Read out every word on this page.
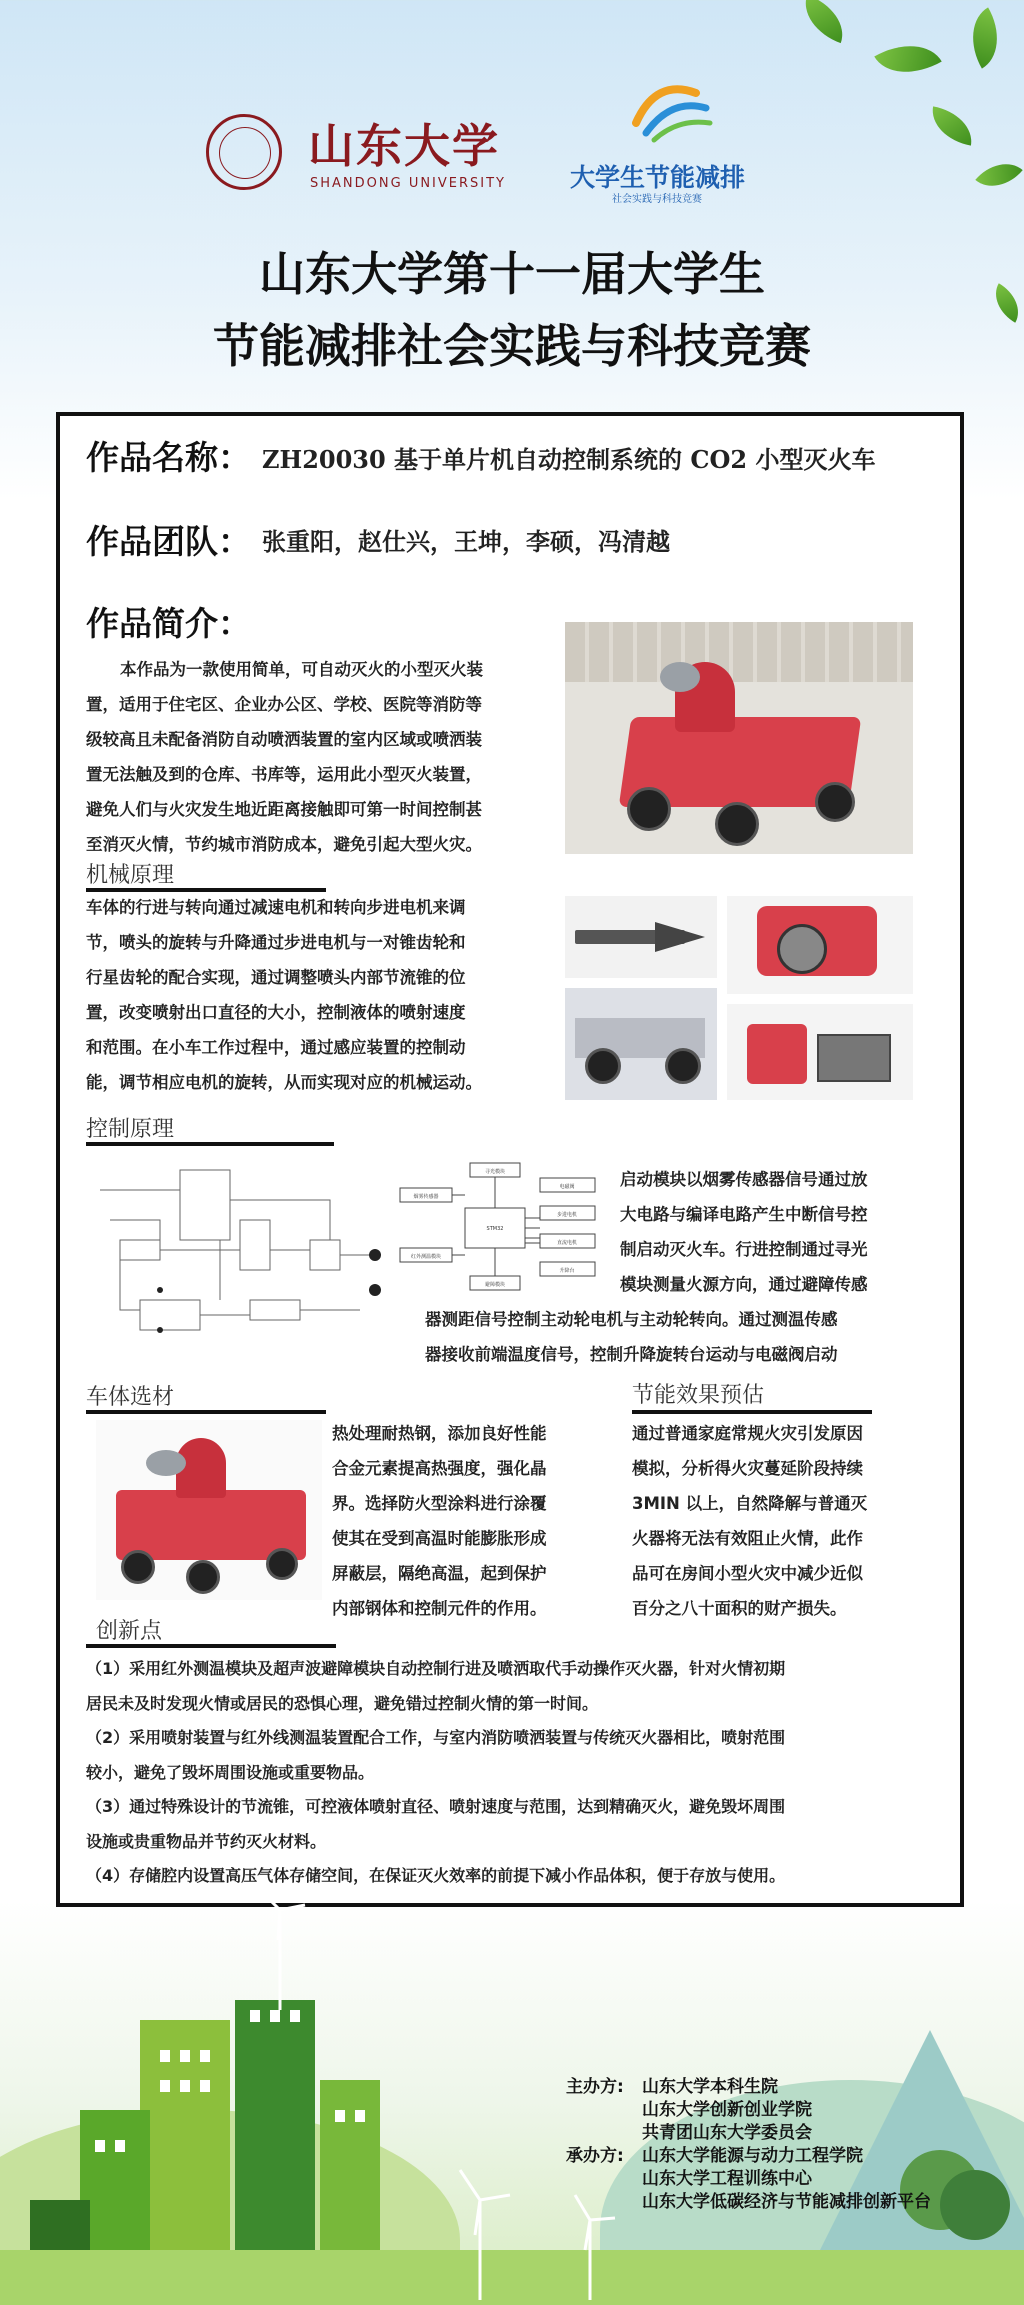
山东大学
SHANDONG UNIVERSITY	大学生节能减排
社会实践与科技竞赛
山东大学第十一届大学生
节能减排社会实践与科技竞赛
作品名称： ZH20030 基于单片机自动控制系统的 CO2 小型灭火车
作品团队： 张重阳，赵仕兴，王坤，李硕，冯清越
作品简介：
本作品为一款使用简单，可自动灭火的小型灭火装
置，适用于住宅区、企业办公区、学校、医院等消防等
级较高且未配备消防自动喷洒装置的室内区域或喷洒装
置无法触及到的仓库、书库等，运用此小型灭火装置，
避免人们与火灾发生地近距离接触即可第一时间控制甚
至消灭火情，节约城市消防成本，避免引起大型火灾。
机械原理
车体的行进与转向通过减速电机和转向步进电机来调
节，喷头的旋转与升降通过步进电机与一对锥齿轮和
行星齿轮的配合实现，通过调整喷头内部节流锥的位
置，改变喷射出口直径的大小，控制液体的喷射速度
和范围。在小车工作过程中，通过感应装置的控制动
能，调节相应电机的旋转，从而实现对应的机械运动。
控制原理
STM32
烟雾传感器
红外测温模块
寻光模块
避障模块
电磁阀
步进电机
直流电机
升降台
启动模块以烟雾传感器信号通过放
大电路与编译电路产生中断信号控
制启动灭火车。行进控制通过寻光
模块测量火源方向，通过避障传感
器测距信号控制主动轮电机与主动轮转向。通过测温传感
器接收前端温度信号，控制升降旋转台运动与电磁阀启动
车体选材
热处理耐热钢，添加良好性能
合金元素提高热强度，强化晶
界。选择防火型涂料进行涂覆
使其在受到高温时能膨胀形成
屏蔽层，隔绝高温，起到保护
内部钢体和控制元件的作用。
节能效果预估
通过普通家庭常规火灾引发原因
模拟，分析得火灾蔓延阶段持续
3MIN 以上，自然降解与普通灭
火器将无法有效阻止火情，此作
品可在房间小型火灾中减少近似
百分之八十面积的财产损失。
创新点
（1）采用红外测温模块及超声波避障模块自动控制行进及喷洒取代手动操作灭火器，针对火情初期
居民未及时发现火情或居民的恐惧心理，避免错过控制火情的第一时间。
（2）采用喷射装置与红外线测温装置配合工作，与室内消防喷洒装置与传统灭火器相比，喷射范围
较小，避免了毁坏周围设施或重要物品。
（3）通过特殊设计的节流锥，可控液体喷射直径、喷射速度与范围，达到精确灭火，避免毁坏周围
设施或贵重物品并节约灭火材料。
（4）存储腔内设置高压气体存储空间，在保证灭火效率的前提下减小作品体积，便于存放与使用。
主办方:	山东大学本科生院
山东大学创新创业学院
共青团山东大学委员会
承办方:	山东大学能源与动力工程学院
山东大学工程训练中心
山东大学低碳经济与节能减排创新平台
